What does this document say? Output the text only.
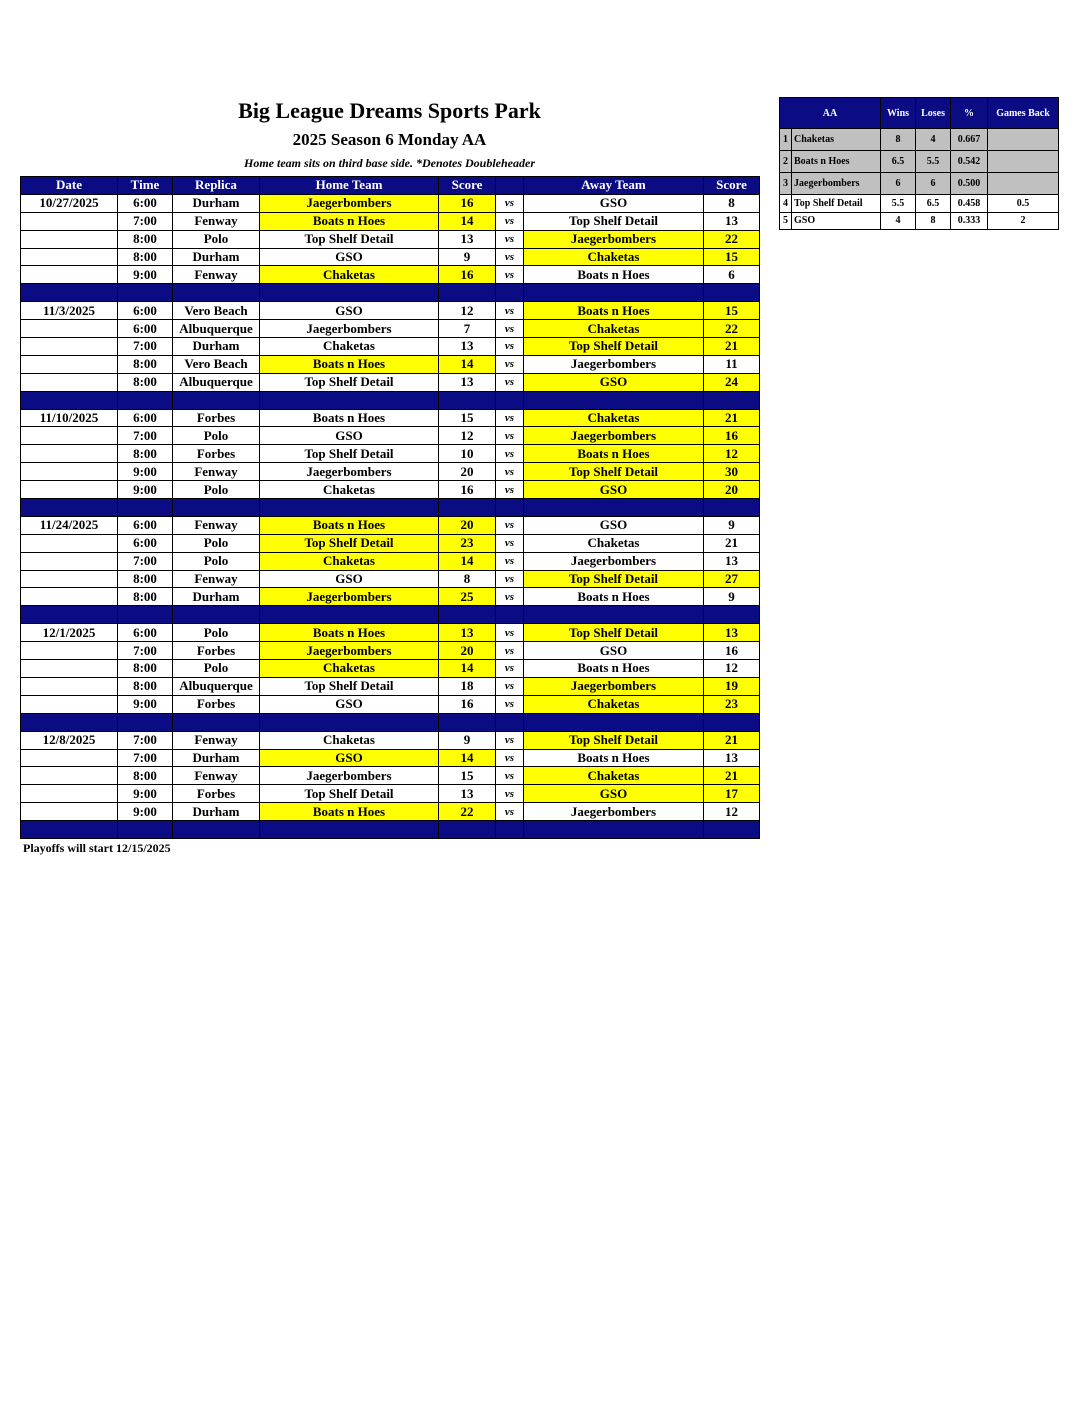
Big League Dreams Sports Park
2025 Season 6 Monday AA
Home team sits on third base side. *Denotes Doubleheader
Date	Time	Replica	Home Team	Score		Away Team	Score
10/27/2025	6:00	Durham	Jaegerbombers	16	vs	GSO	8
	7:00	Fenway	Boats n Hoes	14	vs	Top Shelf Detail	13
	8:00	Polo	Top Shelf Detail	13	vs	Jaegerbombers	22
	8:00	Durham	GSO	9	vs	Chaketas	15
	9:00	Fenway	Chaketas	16	vs	Boats n Hoes	6

11/3/2025	6:00	Vero Beach	GSO	12	vs	Boats n Hoes	15
	6:00	Albuquerque	Jaegerbombers	7	vs	Chaketas	22
	7:00	Durham	Chaketas	13	vs	Top Shelf Detail	21
	8:00	Vero Beach	Boats n Hoes	14	vs	Jaegerbombers	11
	8:00	Albuquerque	Top Shelf Detail	13	vs	GSO	24

11/10/2025	6:00	Forbes	Boats n Hoes	15	vs	Chaketas	21
	7:00	Polo	GSO	12	vs	Jaegerbombers	16
	8:00	Forbes	Top Shelf Detail	10	vs	Boats n Hoes	12
	9:00	Fenway	Jaegerbombers	20	vs	Top Shelf Detail	30
	9:00	Polo	Chaketas	16	vs	GSO	20

11/24/2025	6:00	Fenway	Boats n Hoes	20	vs	GSO	9
	6:00	Polo	Top Shelf Detail	23	vs	Chaketas	21
	7:00	Polo	Chaketas	14	vs	Jaegerbombers	13
	8:00	Fenway	GSO	8	vs	Top Shelf Detail	27
	8:00	Durham	Jaegerbombers	25	vs	Boats n Hoes	9

12/1/2025	6:00	Polo	Boats n Hoes	13	vs	Top Shelf Detail	13
	7:00	Forbes	Jaegerbombers	20	vs	GSO	16
	8:00	Polo	Chaketas	14	vs	Boats n Hoes	12
	8:00	Albuquerque	Top Shelf Detail	18	vs	Jaegerbombers	19
	9:00	Forbes	GSO	16	vs	Chaketas	23

12/8/2025	7:00	Fenway	Chaketas	9	vs	Top Shelf Detail	21
	7:00	Durham	GSO	14	vs	Boats n Hoes	13
	8:00	Fenway	Jaegerbombers	15	vs	Chaketas	21
	9:00	Forbes	Top Shelf Detail	13	vs	GSO	17
	9:00	Durham	Boats n Hoes	22	vs	Jaegerbombers	12

AA		Wins	Loses	%	Games Back
1	Chaketas	8	4	0.667	
2	Boats n Hoes	6.5	5.5	0.542	
3	Jaegerbombers	6	6	0.500	
4	Top Shelf Detail	5.5	6.5	0.458	0.5
5	GSO	4	8	0.333	2
Playoffs will start 12/15/2025
